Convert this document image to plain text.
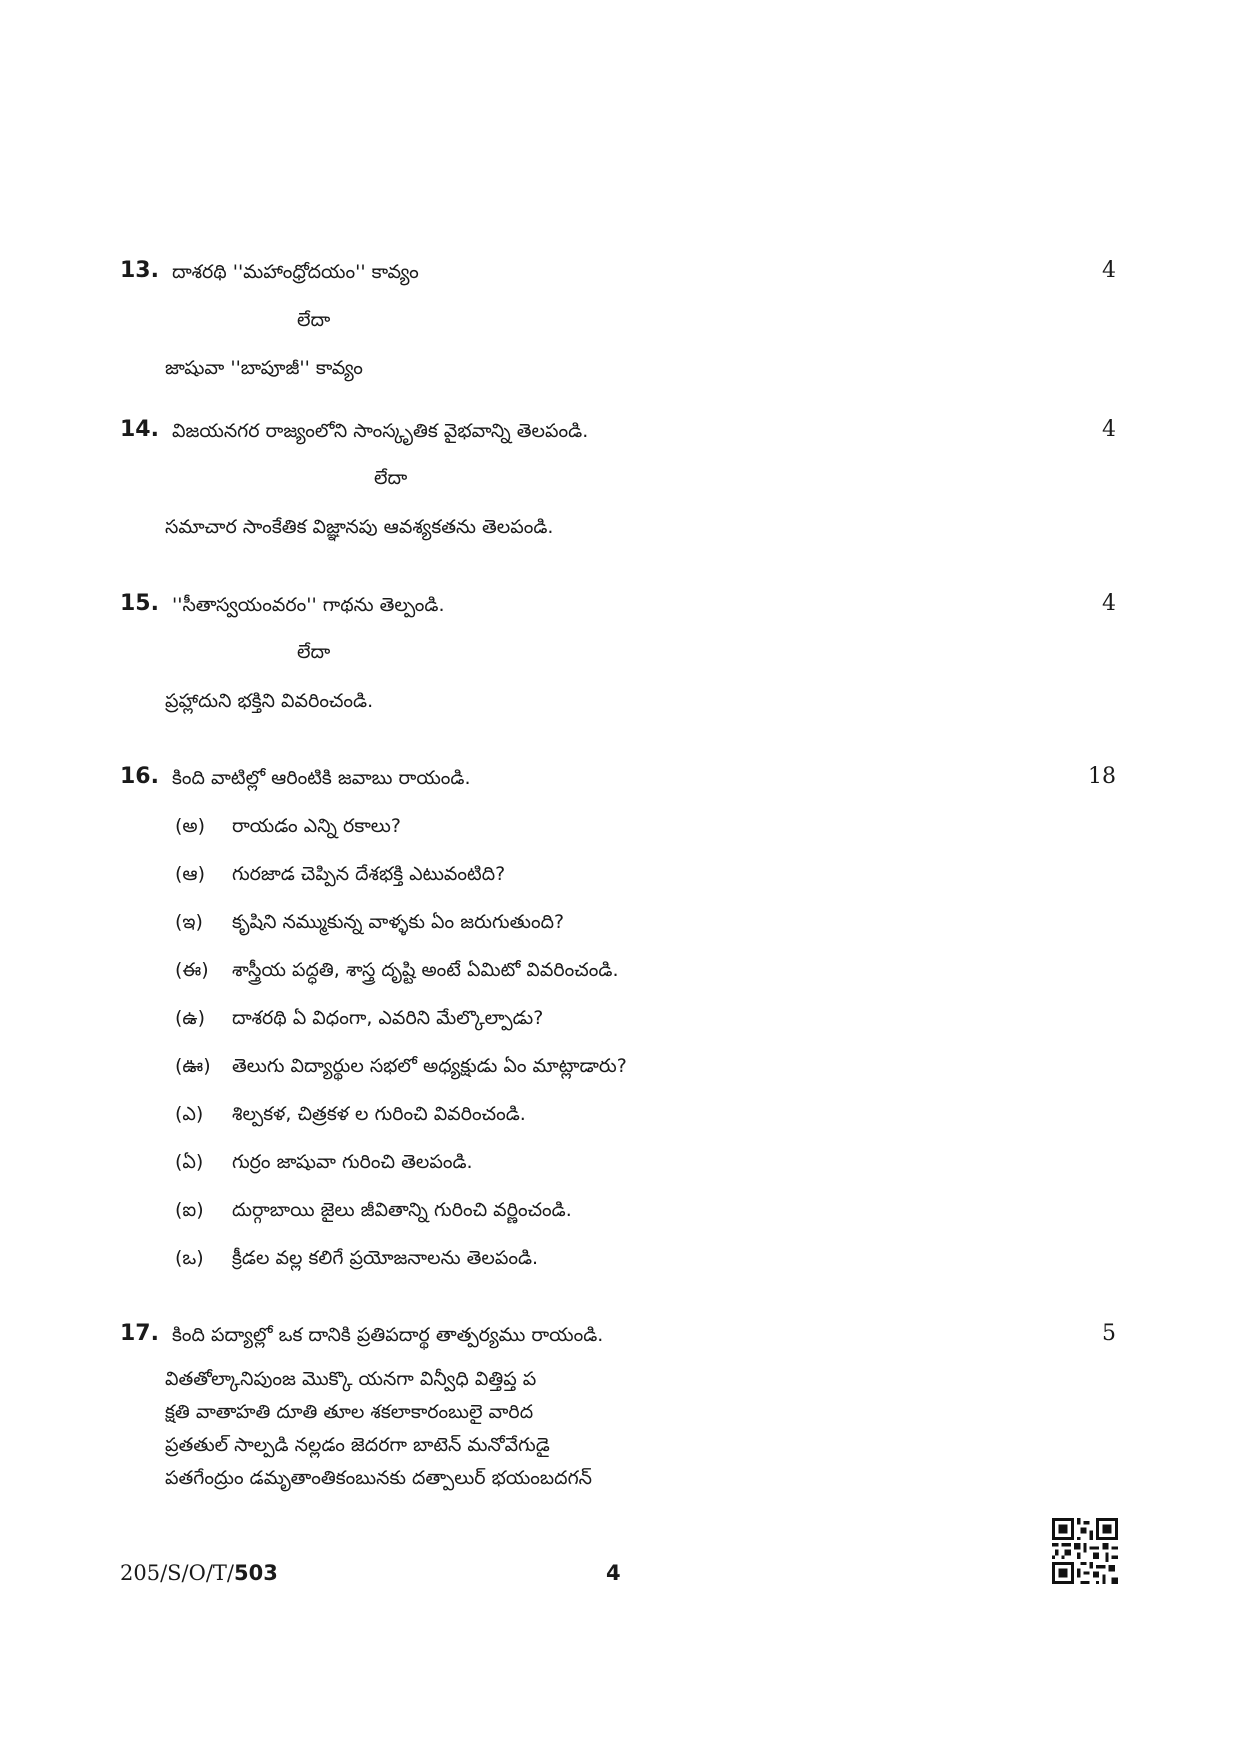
13. దాశరథి ''మహాంధ్రోదయం'' కావ్యం	4
లేదా
జాషువా ''బాపూజీ'' కావ్యం
14. విజయనగర రాజ్యంలోని సాంస్కృతిక వైభవాన్ని తెలపండి.	4
లేదా
సమాచార సాంకేతిక విజ్ఞానపు ఆవశ్యకతను తెలపండి.
15. ''సీతాస్వయంవరం'' గాథను తెల్పండి.	4
లేదా
ప్రహ్లాదుని భక్తిని వివరించండి.
16. కింది వాటిల్లో ఆరింటికి జవాబు రాయండి.	18
(అ) రాయడం ఎన్ని రకాలు?
(ఆ) గురజాడ చెప్పిన దేశభక్తి ఎటువంటిది?
(ఇ) కృషిని నమ్ముకున్న వాళ్ళకు ఏం జరుగుతుంది?
(ఈ) శాస్త్రీయ పద్ధతి, శాస్త్ర దృష్టి అంటే ఏమిటో వివరించండి.
(ఉ) దాశరథి ఏ విధంగా, ఎవరిని మేల్కొల్పాడు?
(ఊ) తెలుగు విద్యార్థుల సభలో అధ్యక్షుడు ఏం మాట్లాడారు?
(ఎ) శిల్పకళ, చిత్రకళ ల గురించి వివరించండి.
(ఏ) గుర్రం జాషువా గురించి తెలపండి.
(ఐ) దుర్గాబాయి జైలు జీవితాన్ని గురించి వర్ణించండి.
(ఒ) క్రీడల వల్ల కలిగే ప్రయోజనాలను తెలపండి.
17. కింది పద్యాల్లో ఒక దానికి ప్రతిపదార్థ తాత్పర్యము రాయండి.	5
వితతోల్కానిపుంజ మొక్కొ యనగా విన్వీధి విత్తిప్త ప
క్షతి వాతాహతి దూతి తూల శకలాకారంబులై వారిద
ప్రతతుల్ సాల్పడి నల్లడం జెదరగా బాటెన్ మనోవేగుడై
పతగేంద్రుం డమృతాంతికంబునకు దత్పాలుర్ భయంబదగన్
205/S/O/T/503	4
